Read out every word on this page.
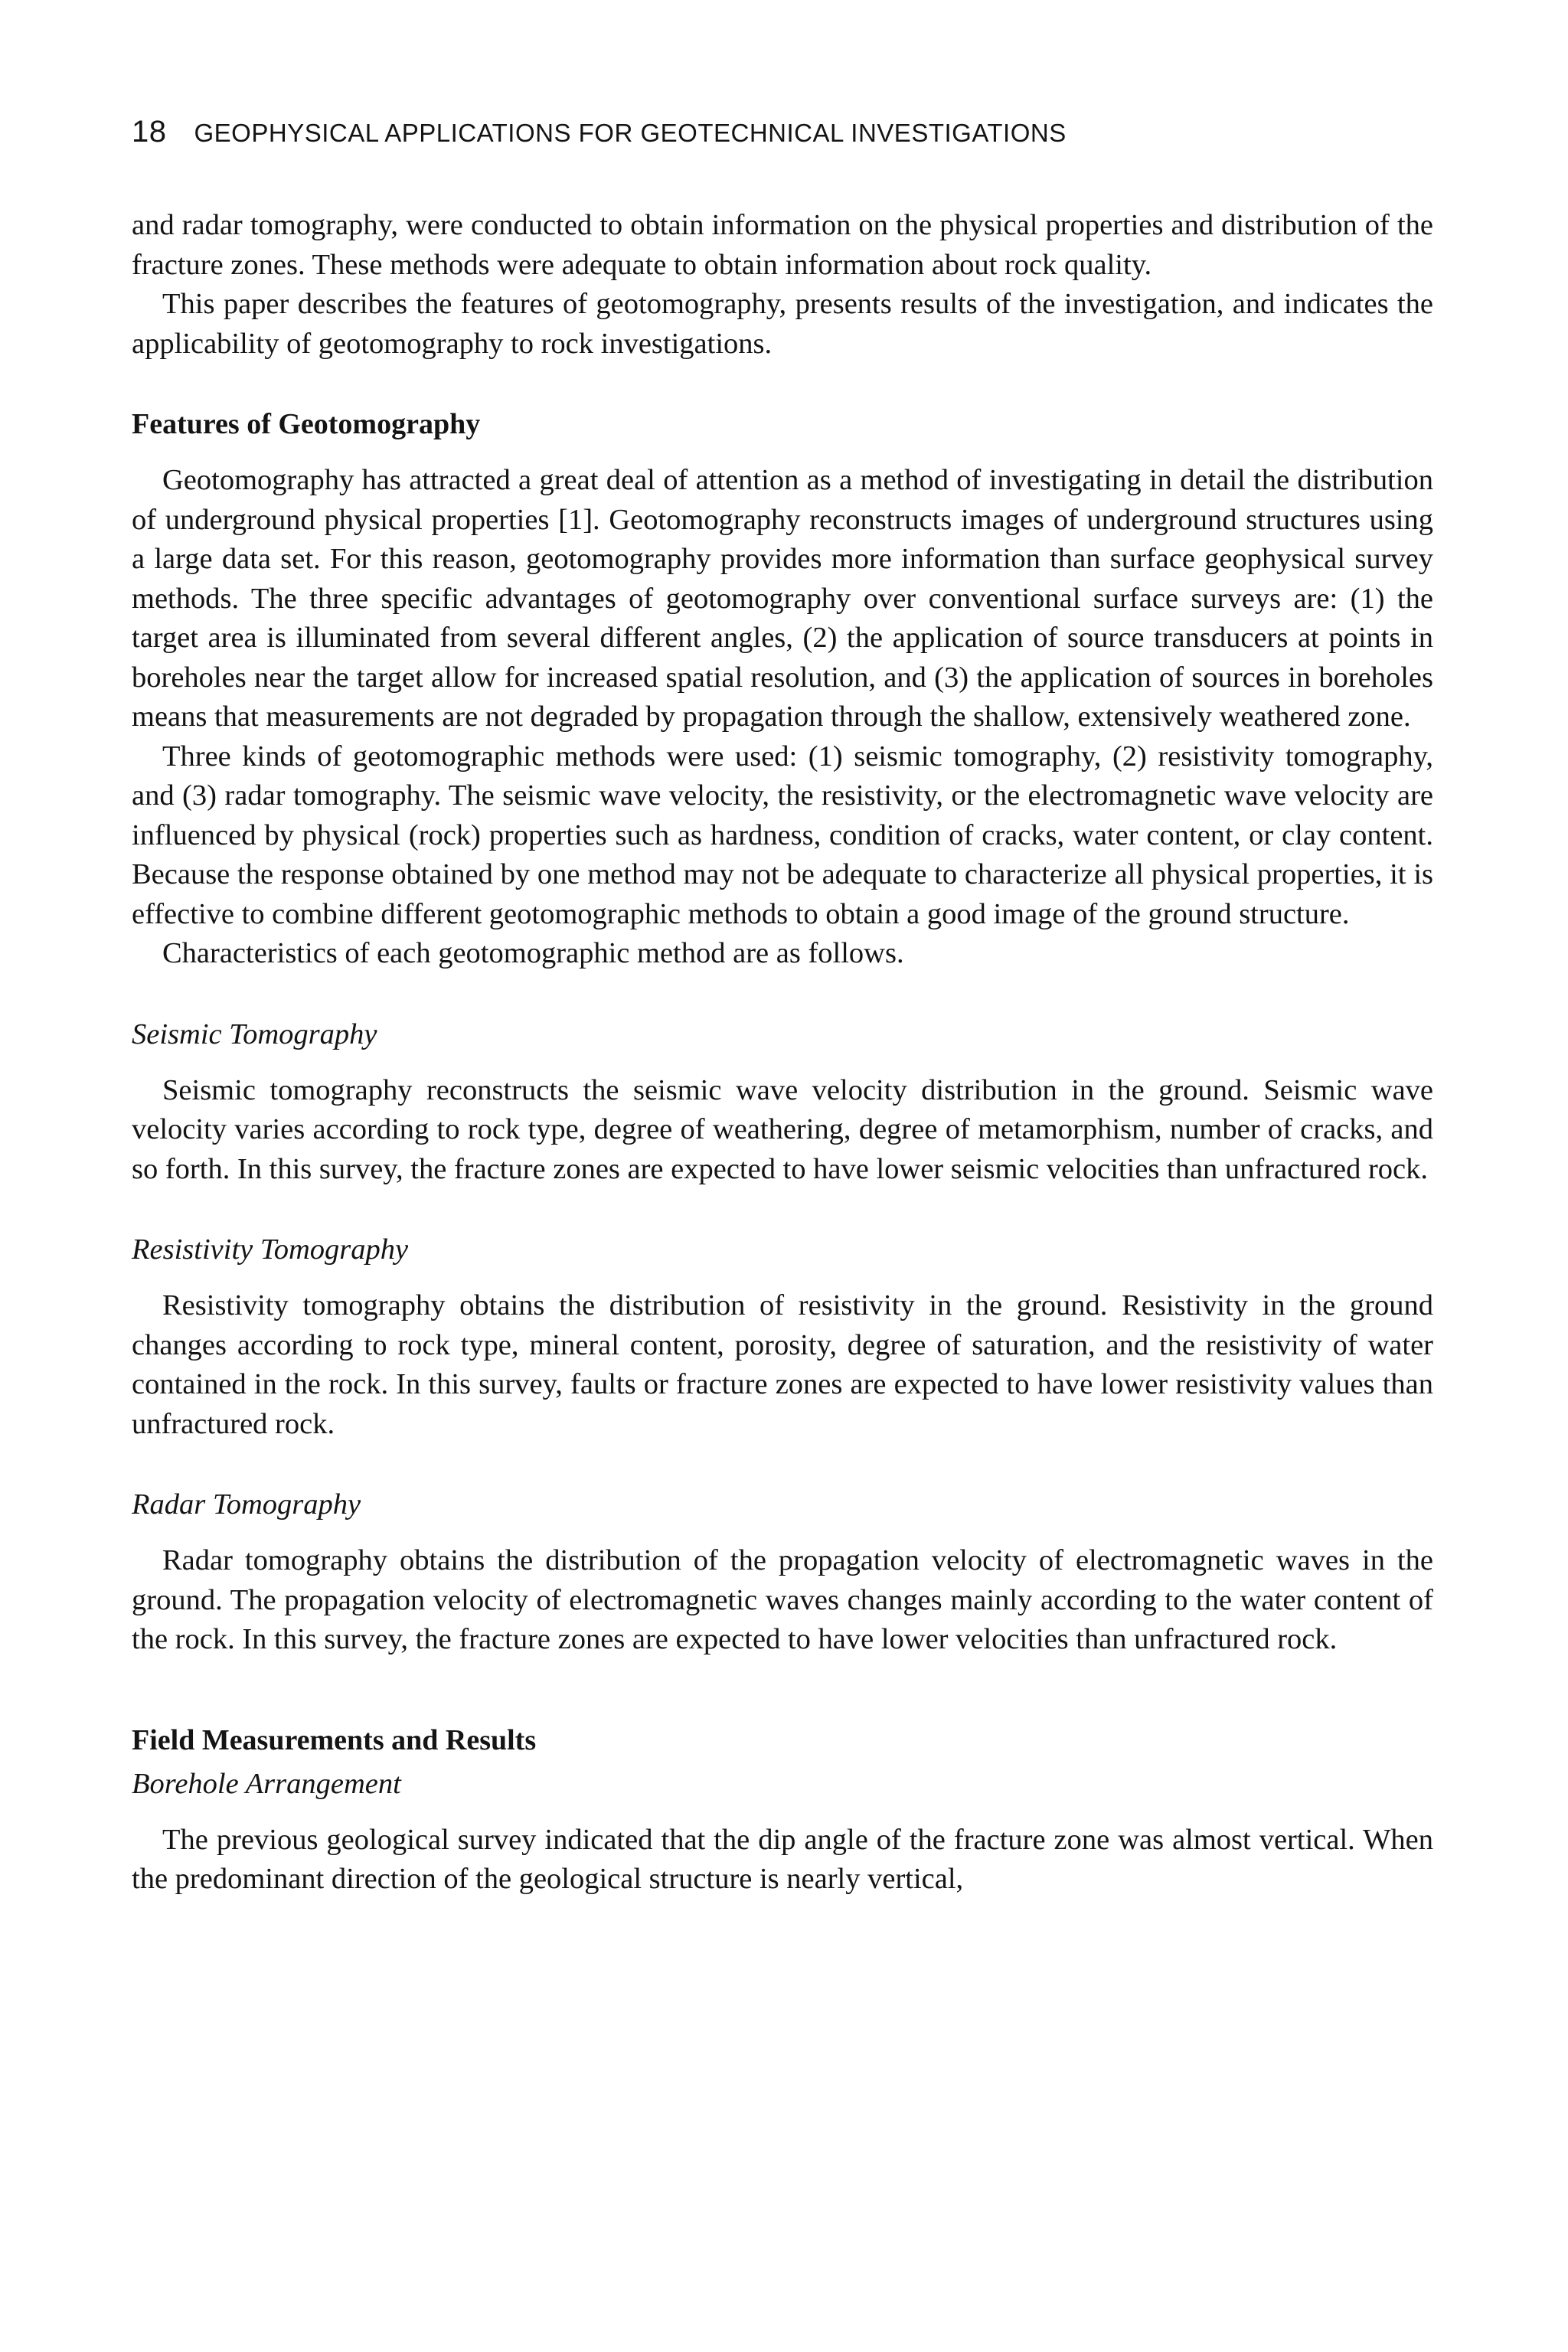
18 GEOPHYSICAL APPLICATIONS FOR GEOTECHNICAL INVESTIGATIONS

and radar tomography, were conducted to obtain information on the physical properties and distribution of the fracture zones. These methods were adequate to obtain information about rock quality.

This paper describes the features of geotomography, presents results of the investigation, and indicates the applicability of geotomography to rock investigations.

Features of Geotomography

Geotomography has attracted a great deal of attention as a method of investigating in detail the distribution of underground physical properties [1]. Geotomography reconstructs images of underground structures using a large data set. For this reason, geotomography provides more information than surface geophysical survey methods. The three specific advantages of geotomography over conventional surface surveys are: (1) the target area is illuminated from several different angles, (2) the application of source transducers at points in boreholes near the target allow for increased spatial resolution, and (3) the application of sources in boreholes means that measurements are not degraded by propagation through the shallow, extensively weathered zone.

Three kinds of geotomographic methods were used: (1) seismic tomography, (2) resistivity tomography, and (3) radar tomography. The seismic wave velocity, the resistivity, or the electromagnetic wave velocity are influenced by physical (rock) properties such as hardness, condition of cracks, water content, or clay content. Because the response obtained by one method may not be adequate to characterize all physical properties, it is effective to combine different geotomographic methods to obtain a good image of the ground structure.

Characteristics of each geotomographic method are as follows.

Seismic Tomography

Seismic tomography reconstructs the seismic wave velocity distribution in the ground. Seismic wave velocity varies according to rock type, degree of weathering, degree of metamorphism, number of cracks, and so forth. In this survey, the fracture zones are expected to have lower seismic velocities than unfractured rock.

Resistivity Tomography

Resistivity tomography obtains the distribution of resistivity in the ground. Resistivity in the ground changes according to rock type, mineral content, porosity, degree of saturation, and the resistivity of water contained in the rock. In this survey, faults or fracture zones are expected to have lower resistivity values than unfractured rock.

Radar Tomography

Radar tomography obtains the distribution of the propagation velocity of electromagnetic waves in the ground. The propagation velocity of electromagnetic waves changes mainly according to the water content of the rock. In this survey, the fracture zones are expected to have lower velocities than unfractured rock.

Field Measurements and Results
Borehole Arrangement

The previous geological survey indicated that the dip angle of the fracture zone was almost vertical. When the predominant direction of the geological structure is nearly vertical,
